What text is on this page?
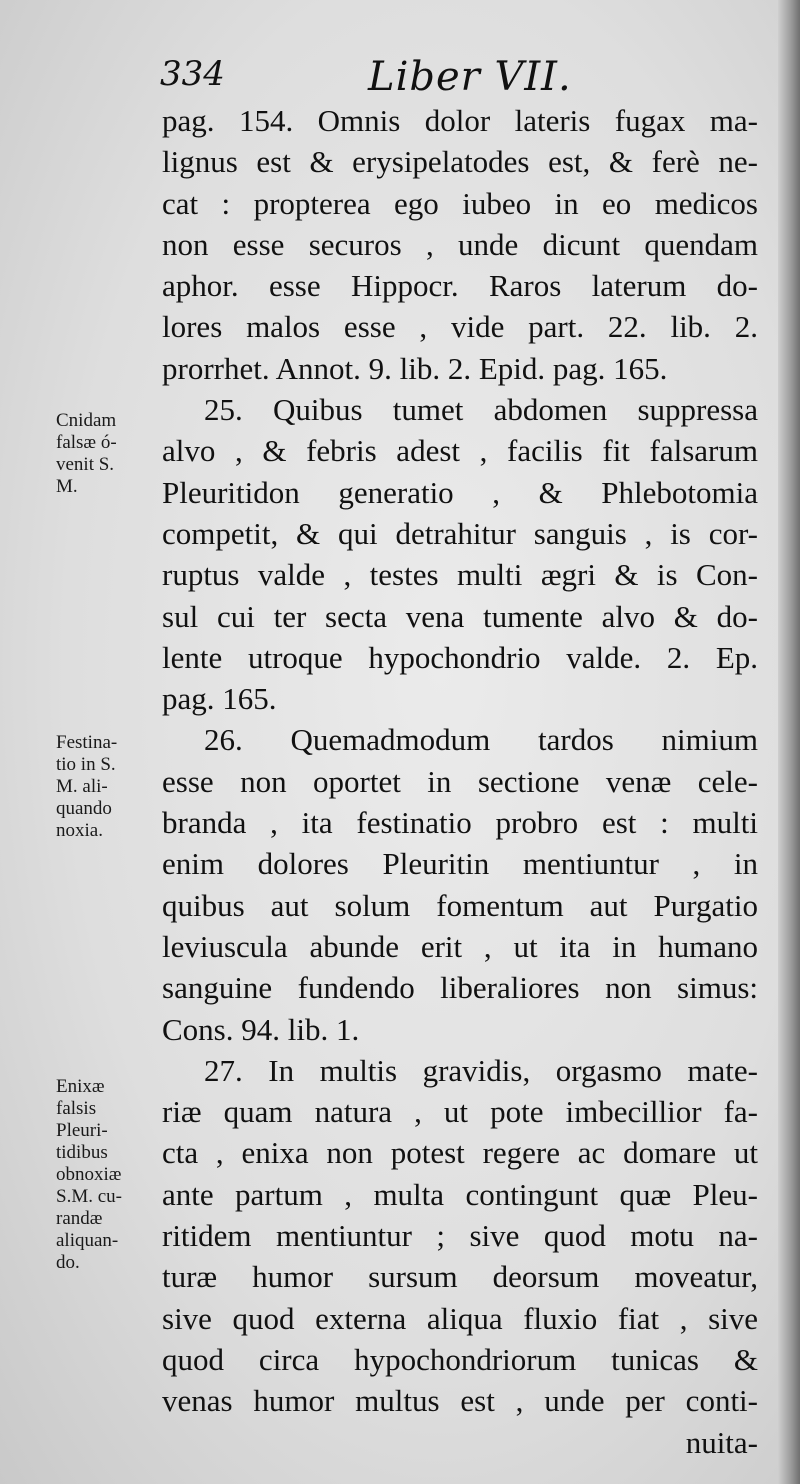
334	Liber VII.
pag. 154. Omnis dolor lateris fugax ma-
lignus est & erysipelatodes est, & ferè ne-
cat : propterea ego iubeo in eo medicos
non esse securos , unde dicunt quendam
aphor. esse Hippocr. Raros laterum do-
lores malos esse , vide part. 22. lib. 2.
prorrhet. Annot. 9. lib. 2. Epid. pag. 165.
25. Quibus tumet abdomen suppressa
alvo , & febris adest , facilis fit falsarum
Pleuritidon generatio , & Phlebotomia
competit, & qui detrahitur sanguis , is cor-
ruptus valde , testes multi ægri & is Con-
sul cui ter secta vena tumente alvo & do-
lente utroque hypochondrio valde. 2. Ep.
pag. 165.
26. Quemadmodum tardos nimium
esse non oportet in sectione venæ cele-
branda , ita festinatio probro est : multi
enim dolores Pleuritin mentiuntur , in
quibus aut solum fomentum aut Purgatio
leviuscula abunde erit , ut ita in humano
sanguine fundendo liberaliores non simus:
Cons. 94. lib. 1.
27. In multis gravidis, orgasmo mate-
riæ quam natura , ut pote imbecillior fa-
cta , enixa non potest regere ac domare ut
ante partum , multa contingunt quæ Pleu-
ritidem mentiuntur ; sive quod motu na-
turæ humor sursum deorsum moveatur,
sive quod externa aliqua fluxio fiat , sive
quod circa hypochondriorum tunicas &
venas humor multus est , unde per conti-
nuita-
Cnidam
falsæ ó-
venit S.
M.
Festina-
tio in S.
M. ali-
quando
noxia.
Enixæ
falsis
Pleuri-
tidibus
obnoxiæ
S.M. cu-
randæ
aliquan-
do.
